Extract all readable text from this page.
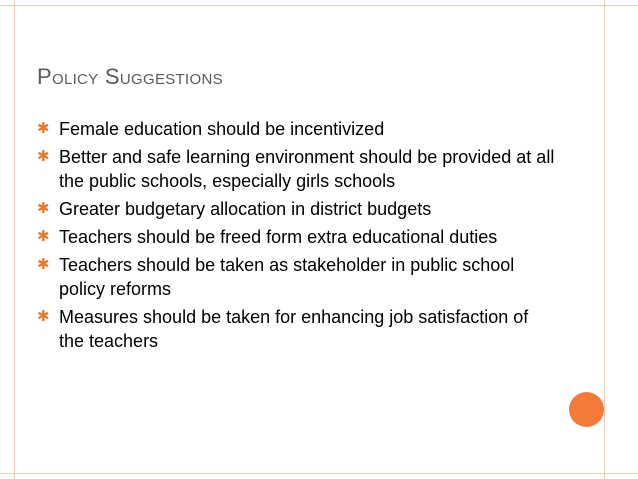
Policy Suggestions
✱ Female education should be incentivized
✱ Better and safe learning environment should be provided at all the public schools, especially girls schools
✱ Greater budgetary allocation in district budgets
✱ Teachers should be freed form extra educational duties
✱ Teachers should be taken as stakeholder in public school policy reforms
✱ Measures should be taken for enhancing job satisfaction of the teachers
